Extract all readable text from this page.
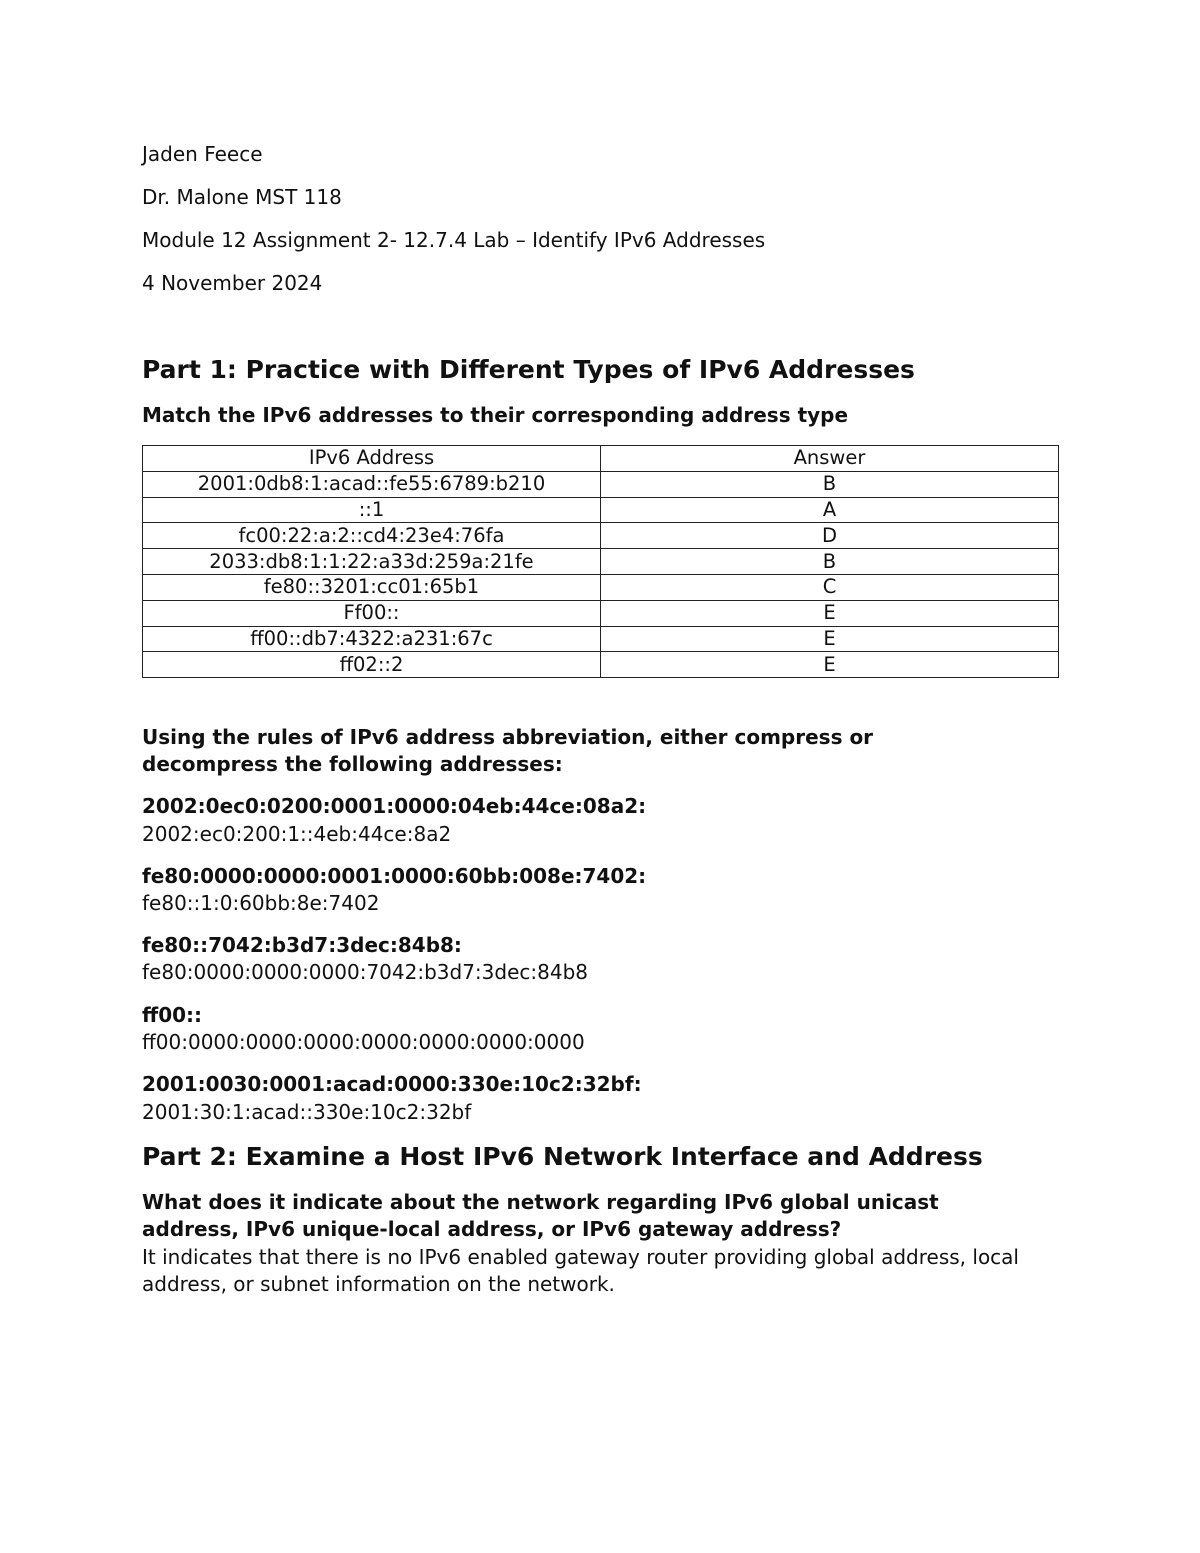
Jaden Feece
Dr. Malone MST 118
Module 12 Assignment 2- 12.7.4 Lab – Identify IPv6 Addresses
4 November 2024
Part 1: Practice with Different Types of IPv6 Addresses
Match the IPv6 addresses to their corresponding address type
IPv6 Address	Answer
2001:0db8:1:acad::fe55:6789:b210	B
::1	A
fc00:22:a:2::cd4:23e4:76fa	D
2033:db8:1:1:22:a33d:259a:21fe	B
fe80::3201:cc01:65b1	C
Ff00::	E
ff00::db7:4322:a231:67c	E
ff02::2	E
Using the rules of IPv6 address abbreviation, either compress or decompress the following addresses:
2002:0ec0:0200:0001:0000:04eb:44ce:08a2:
2002:ec0:200:1::4eb:44ce:8a2
fe80:0000:0000:0001:0000:60bb:008e:7402:
fe80::1:0:60bb:8e:7402
fe80::7042:b3d7:3dec:84b8:
fe80:0000:0000:0000:7042:b3d7:3dec:84b8
ff00::
ff00:0000:0000:0000:0000:0000:0000:0000
2001:0030:0001:acad:0000:330e:10c2:32bf:
2001:30:1:acad::330e:10c2:32bf
Part 2: Examine a Host IPv6 Network Interface and Address
What does it indicate about the network regarding IPv6 global unicast address, IPv6 unique-local address, or IPv6 gateway address?
It indicates that there is no IPv6 enabled gateway router providing global address, local address, or subnet information on the network.
